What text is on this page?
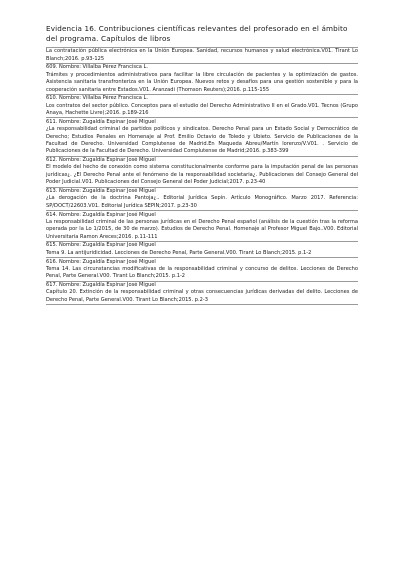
Evidencia 16. Contribuciones científicas relevantes del profesorado en el ámbito del programa. Capítulos de libros
La contratación pública electrónica en la Unión Europea. Sanidad, recursos humanos y salud electrónica.V01. Tirant Lo Blanch;2016. p.93-125
609. Nombre: Villalba Pérez Francisca L.
Trámites y procedimientos administrativos para facilitar la libre circulación de pacientes y la optimización de gastos. Asistencia sanitaria transfronteriza en la Unión Europea. Nuevos retos y desafíos para una gestión sostenible y para la cooperación sanitaria entre Estados.V01. Aranzadi (Thomson Reuters);2016. p.115-155
610. Nombre: Villalba Pérez Francisca L.
Los contratos del sector público. Conceptos para el estudio del Derecho Administrativo II en el Grado.V01. Tecnos (Grupo Anaya, Hachette Livre);2016. p.189-216
611. Nombre: Zugaldía Espinar José Miguel
¿La responsabilidad criminal de partidos políticos y sindicatos. Derecho Penal para un Estado Social y Democrático de Derecho; Estudios Penales en Homenaje al Prof. Emilio Octavio de Toledo y Ubieto. Servicio de Publicaciones de la Facultad de Derecho. Universidad Complutense de Madrid.En Maqueda Abreu/Martín lorenzo/V.V01. . Servicio de Publicaciones de la Facultad de Derecho. Universidad Complutense de Madrid;2016. p.383-399
612. Nombre: Zugaldía Espinar José Miguel
El modelo del hecho de conexión como sistema constitucionalmente conforme para la imputación penal de las personas jurídicas¿. ¿El Derecho Penal ante el fenómeno de la responsabilidad societaria¿. Publicaciones del Consejo General del Poder Judicial.V01. Publicaciones del Consejo General del Poder Judicial;2017. p.23-40
613. Nombre: Zugaldía Espinar José Miguel
¿La derogación de la doctrina Pantoja¿.. Editorial Jurídica Sepín. Artículo Monográfico. Marzo 2017. Referencia: SP/DOCT/22603.V01. Editorial Jurídica SEPIN;2017. p.23-30
614. Nombre: Zugaldía Espinar José Miguel
La responsabilidad criminal de las personas jurídicas en el Derecho Penal español (análisis de la cuestión tras la reforma operada por la Lo 1/2015, de 30 de marzo). Estudios de Derecho Penal. Homenaje al Profesor Miguel Bajo..V00. Editorial Universitaria Ramon Areces;2016. p.11-111
615. Nombre: Zugaldía Espinar José Miguel
Tema 9. La antijuridicidad. Lecciones de Derecho Penal, Parte General.V00. Tirant Lo Blanch;2015. p.1-2
616. Nombre: Zugaldía Espinar José Miguel
Tema 14. Las circunstancias modificativas de la responsabilidad criminal y concurso de delitos. Lecciones de Derecho Penal, Parte General.V00. Tirant Lo Blanch;2015. p.1-2
617. Nombre: Zugaldía Espinar José Miguel
Capítulo 20. Extinción de la responsabilidad criminal y otras consecuencias jurídicas derivadas del delito. Lecciones de Derecho Penal, Parte General.V00. Tirant Lo Blanch;2015. p.2-3
